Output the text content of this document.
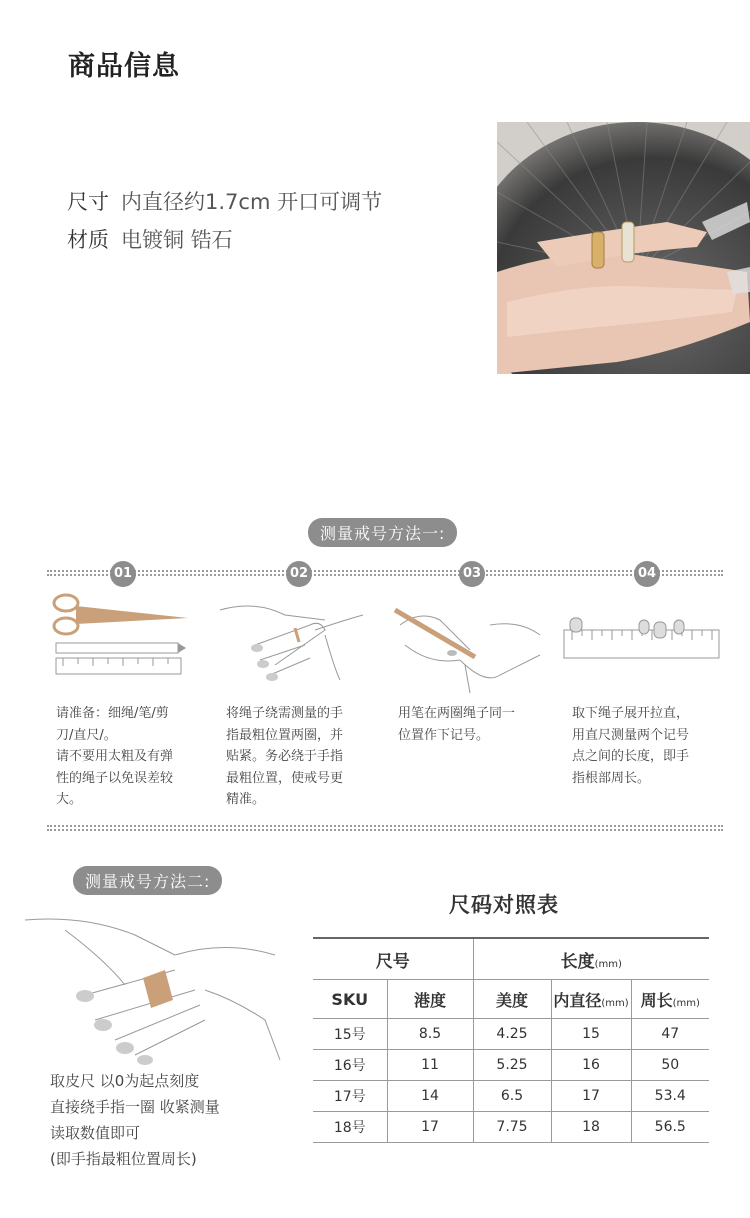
商品信息
尺寸 内直径约1.7cm 开口可调节
材质 电镀铜 锆石
测量戒号方法一:
01	02	03	04
请准备：细绳/笔/剪
刀/直尺/。
请不要用太粗及有弹
性的绳子以免误差较
大。
将绳子绕需测量的手
指最粗位置两圈，并
贴紧。务必绕于手指
最粗位置，使戒号更
精准。
用笔在两圈绳子同一
位置作下记号。
取下绳子展开拉直，
用直尺测量两个记号
点之间的长度，即手
指根部周长。
测量戒号方法二:
取皮尺 以0为起点刻度
直接绕手指一圈 收紧测量
读取数值即可
(即手指最粗位置周长)
尺码对照表
尺号		长度(mm)		
SKU	港度	美度	内直径(mm)	周长(mm)
15号	8.5	4.25	15	47
16号	11	5.25	16	50
17号	14	6.5	17	53.4
18号	17	7.75	18	56.5
